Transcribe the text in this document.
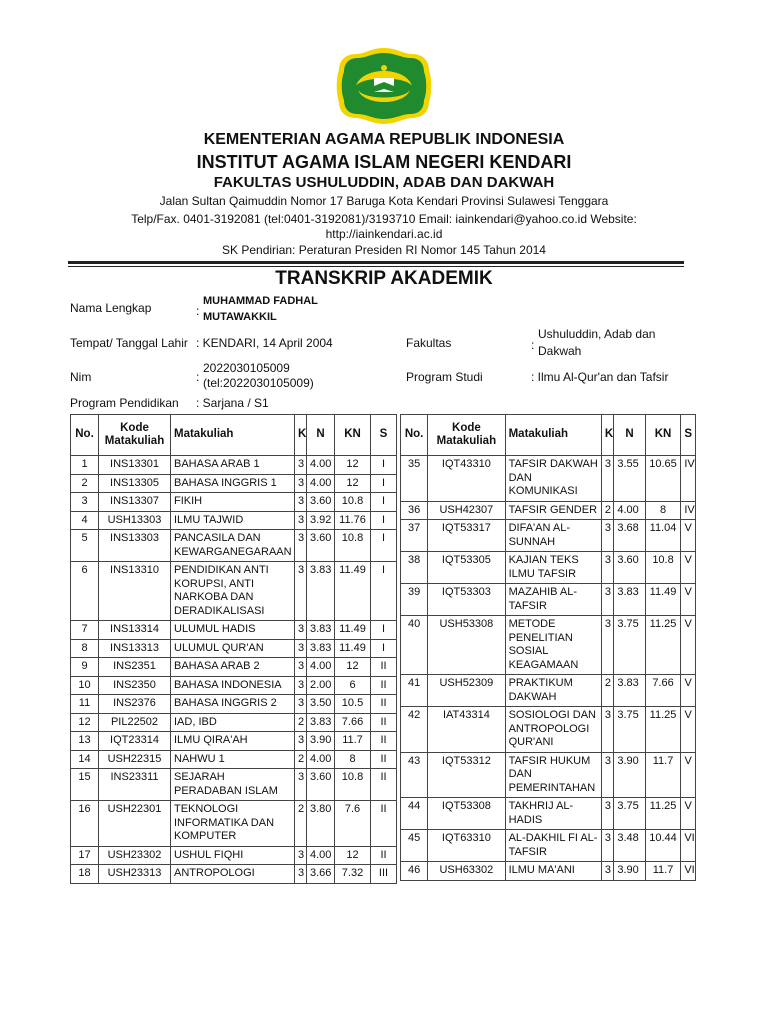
KEMENTERIAN AGAMA REPUBLIK INDONESIA
INSTITUT AGAMA ISLAM NEGERI KENDARI
FAKULTAS USHULUDDIN, ADAB DAN DAKWAH
Jalan Sultan Qaimuddin Nomor 17 Baruga Kota Kendari Provinsi Sulawesi Tenggara
Telp/Fax. 0401-3192081 (tel:0401-3192081)/3193710 Email: iainkendari@yahoo.co.id Website:
http://iainkendari.ac.id
SK Pendirian: Peraturan Presiden RI Nomor 145 Tahun 2014
TRANSKRIP AKADEMIK
Nama Lengkap	:
MUHAMMAD FADHAL
MUTAWAKKIL
Tempat/ Tanggal Lahir : KENDARI, 14 April 2004	Fakultas	:
Ushuluddin, Adab dan
Dakwah
Nim	:
2022030105009
(tel:2022030105009)	Program Studi	: Ilmu Al-Qur'an dan Tafsir
Program Pendidikan : Sarjana / S1
No.	Kode Matakuliah	Matakuliah	K	N	KN	S
1	INS13301	BAHASA ARAB 1	3	4.00	12	I
2	INS13305	BAHASA INGGRIS 1	3	4.00	12	I
3	INS13307	FIKIH	3	3.60	10.8	I
4	USH13303	ILMU TAJWID	3	3.92	11.76	I
5	INS13303	PANCASILA DAN KEWARGANEGARAAN	3	3.60	10.8	I
6	INS13310	PENDIDIKAN ANTI KORUPSI, ANTI NARKOBA DAN DERADIKALISASI	3	3.83	11.49	I
7	INS13314	ULUMUL HADIS	3	3.83	11.49	I
8	INS13313	ULUMUL QUR'AN	3	3.83	11.49	I
9	INS2351	BAHASA ARAB 2	3	4.00	12	II
10	INS2350	BAHASA INDONESIA	3	2.00	6	II
11	INS2376	BAHASA INGGRIS 2	3	3.50	10.5	II
12	PIL22502	IAD, IBD	2	3.83	7.66	II
13	IQT23314	ILMU QIRA'AH	3	3.90	11.7	II
14	USH22315	NAHWU 1	2	4.00	8	II
15	INS23311	SEJARAH PERADABAN ISLAM	3	3.60	10.8	II
16	USH22301	TEKNOLOGI INFORMATIKA DAN KOMPUTER	2	3.80	7.6	II
17	USH23302	USHUL FIQHI	3	4.00	12	II
18	USH23313	ANTROPOLOGI	3	3.66	7.32	III
No.	Kode Matakuliah	Matakuliah	K	N	KN	S
35	IQT43310	TAFSIR DAKWAH DAN KOMUNIKASI	3	3.55	10.65	IV
36	USH42307	TAFSIR GENDER	2	4.00	8	IV
37	IQT53317	DIFA'AN AL-SUNNAH	3	3.68	11.04	V
38	IQT53305	KAJIAN TEKS ILMU TAFSIR	3	3.60	10.8	V
39	IQT53303	MAZAHIB AL-TAFSIR	3	3.83	11.49	V
40	USH53308	METODE PENELITIAN SOSIAL KEAGAMAAN	3	3.75	11.25	V
41	USH52309	PRAKTIKUM DAKWAH	2	3.83	7.66	V
42	IAT43314	SOSIOLOGI DAN ANTROPOLOGI QUR'ANI	3	3.75	11.25	V
43	IQT53312	TAFSIR HUKUM DAN PEMERINTAHAN	3	3.90	11.7	V
44	IQT53308	TAKHRIJ AL-HADIS	3	3.75	11.25	V
45	IQT63310	AL-DAKHIL FI AL-TAFSIR	3	3.48	10.44	VI
46	USH63302	ILMU MA'ANI	3	3.90	11.7	VI
